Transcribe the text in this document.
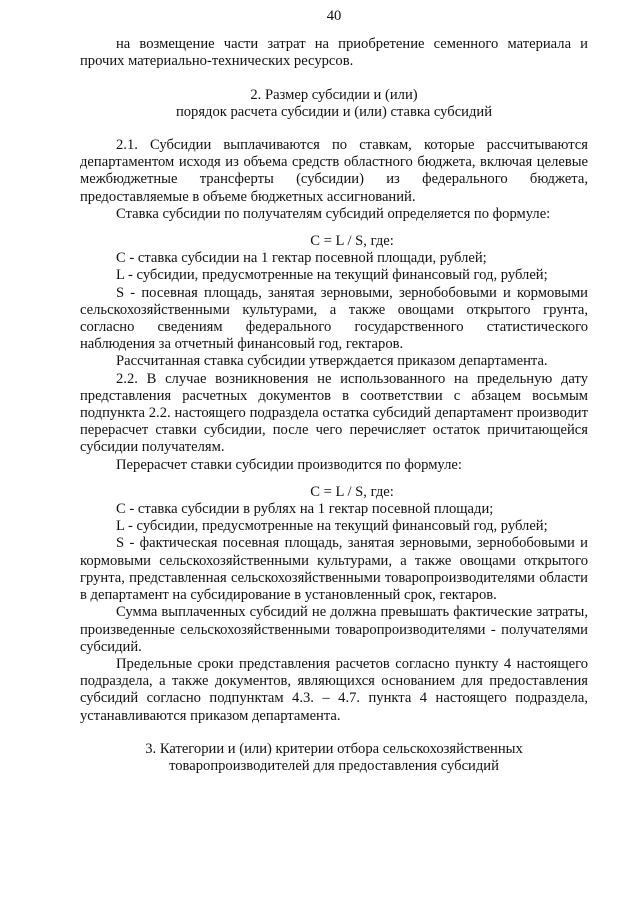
40

на возмещение части затрат на приобретение семенного материала и прочих материально-технических ресурсов.

2. Размер субсидии и (или)

порядок расчета субсидии и (или) ставка субсидий

2.1. Субсидии выплачиваются по ставкам, которые рассчитываются департаментом исходя из объема средств областного бюджета, включая целевые межбюджетные трансферты (субсидии) из федерального бюджета, предоставляемые в объеме бюджетных ассигнований.

Ставка субсидии по получателям субсидий определяется по формуле:

C = L / S, где:

C - ставка субсидии на 1 гектар посевной площади, рублей;

L - субсидии, предусмотренные на текущий финансовый год, рублей;

S - посевная площадь, занятая зерновыми, зернобобовыми и кормовыми сельскохозяйственными культурами, а также овощами открытого грунта, согласно сведениям федерального государственного статистического наблюдения за отчетный финансовый год, гектаров.

Рассчитанная ставка субсидии утверждается приказом департамента.

2.2. В случае возникновения не использованного на предельную дату представления расчетных документов в соответствии с абзацем восьмым подпункта 2.2. настоящего подраздела остатка субсидий департамент производит перерасчет ставки субсидии, после чего перечисляет остаток причитающейся субсидии получателям.

Перерасчет ставки субсидии производится по формуле:

C = L / S, где:

C - ставка субсидии в рублях на 1 гектар посевной площади;

L - субсидии, предусмотренные на текущий финансовый год, рублей;

S - фактическая посевная площадь, занятая зерновыми, зернобобовыми и кормовыми сельскохозяйственными культурами, а также овощами открытого грунта, представленная сельскохозяйственными товаропроизводителями области в департамент на субсидирование в установленный срок, гектаров.

Сумма выплаченных субсидий не должна превышать фактические затраты, произведенные сельскохозяйственными товаропроизводителями - получателями субсидий.

Предельные сроки представления расчетов согласно пункту 4 настоящего подраздела, а также документов, являющихся основанием для предоставления субсидий согласно подпунктам 4.3. – 4.7. пункта 4 настоящего подраздела, устанавливаются приказом департамента.

3. Категории и (или) критерии отбора сельскохозяйственных

товаропроизводителей для предоставления субсидий
